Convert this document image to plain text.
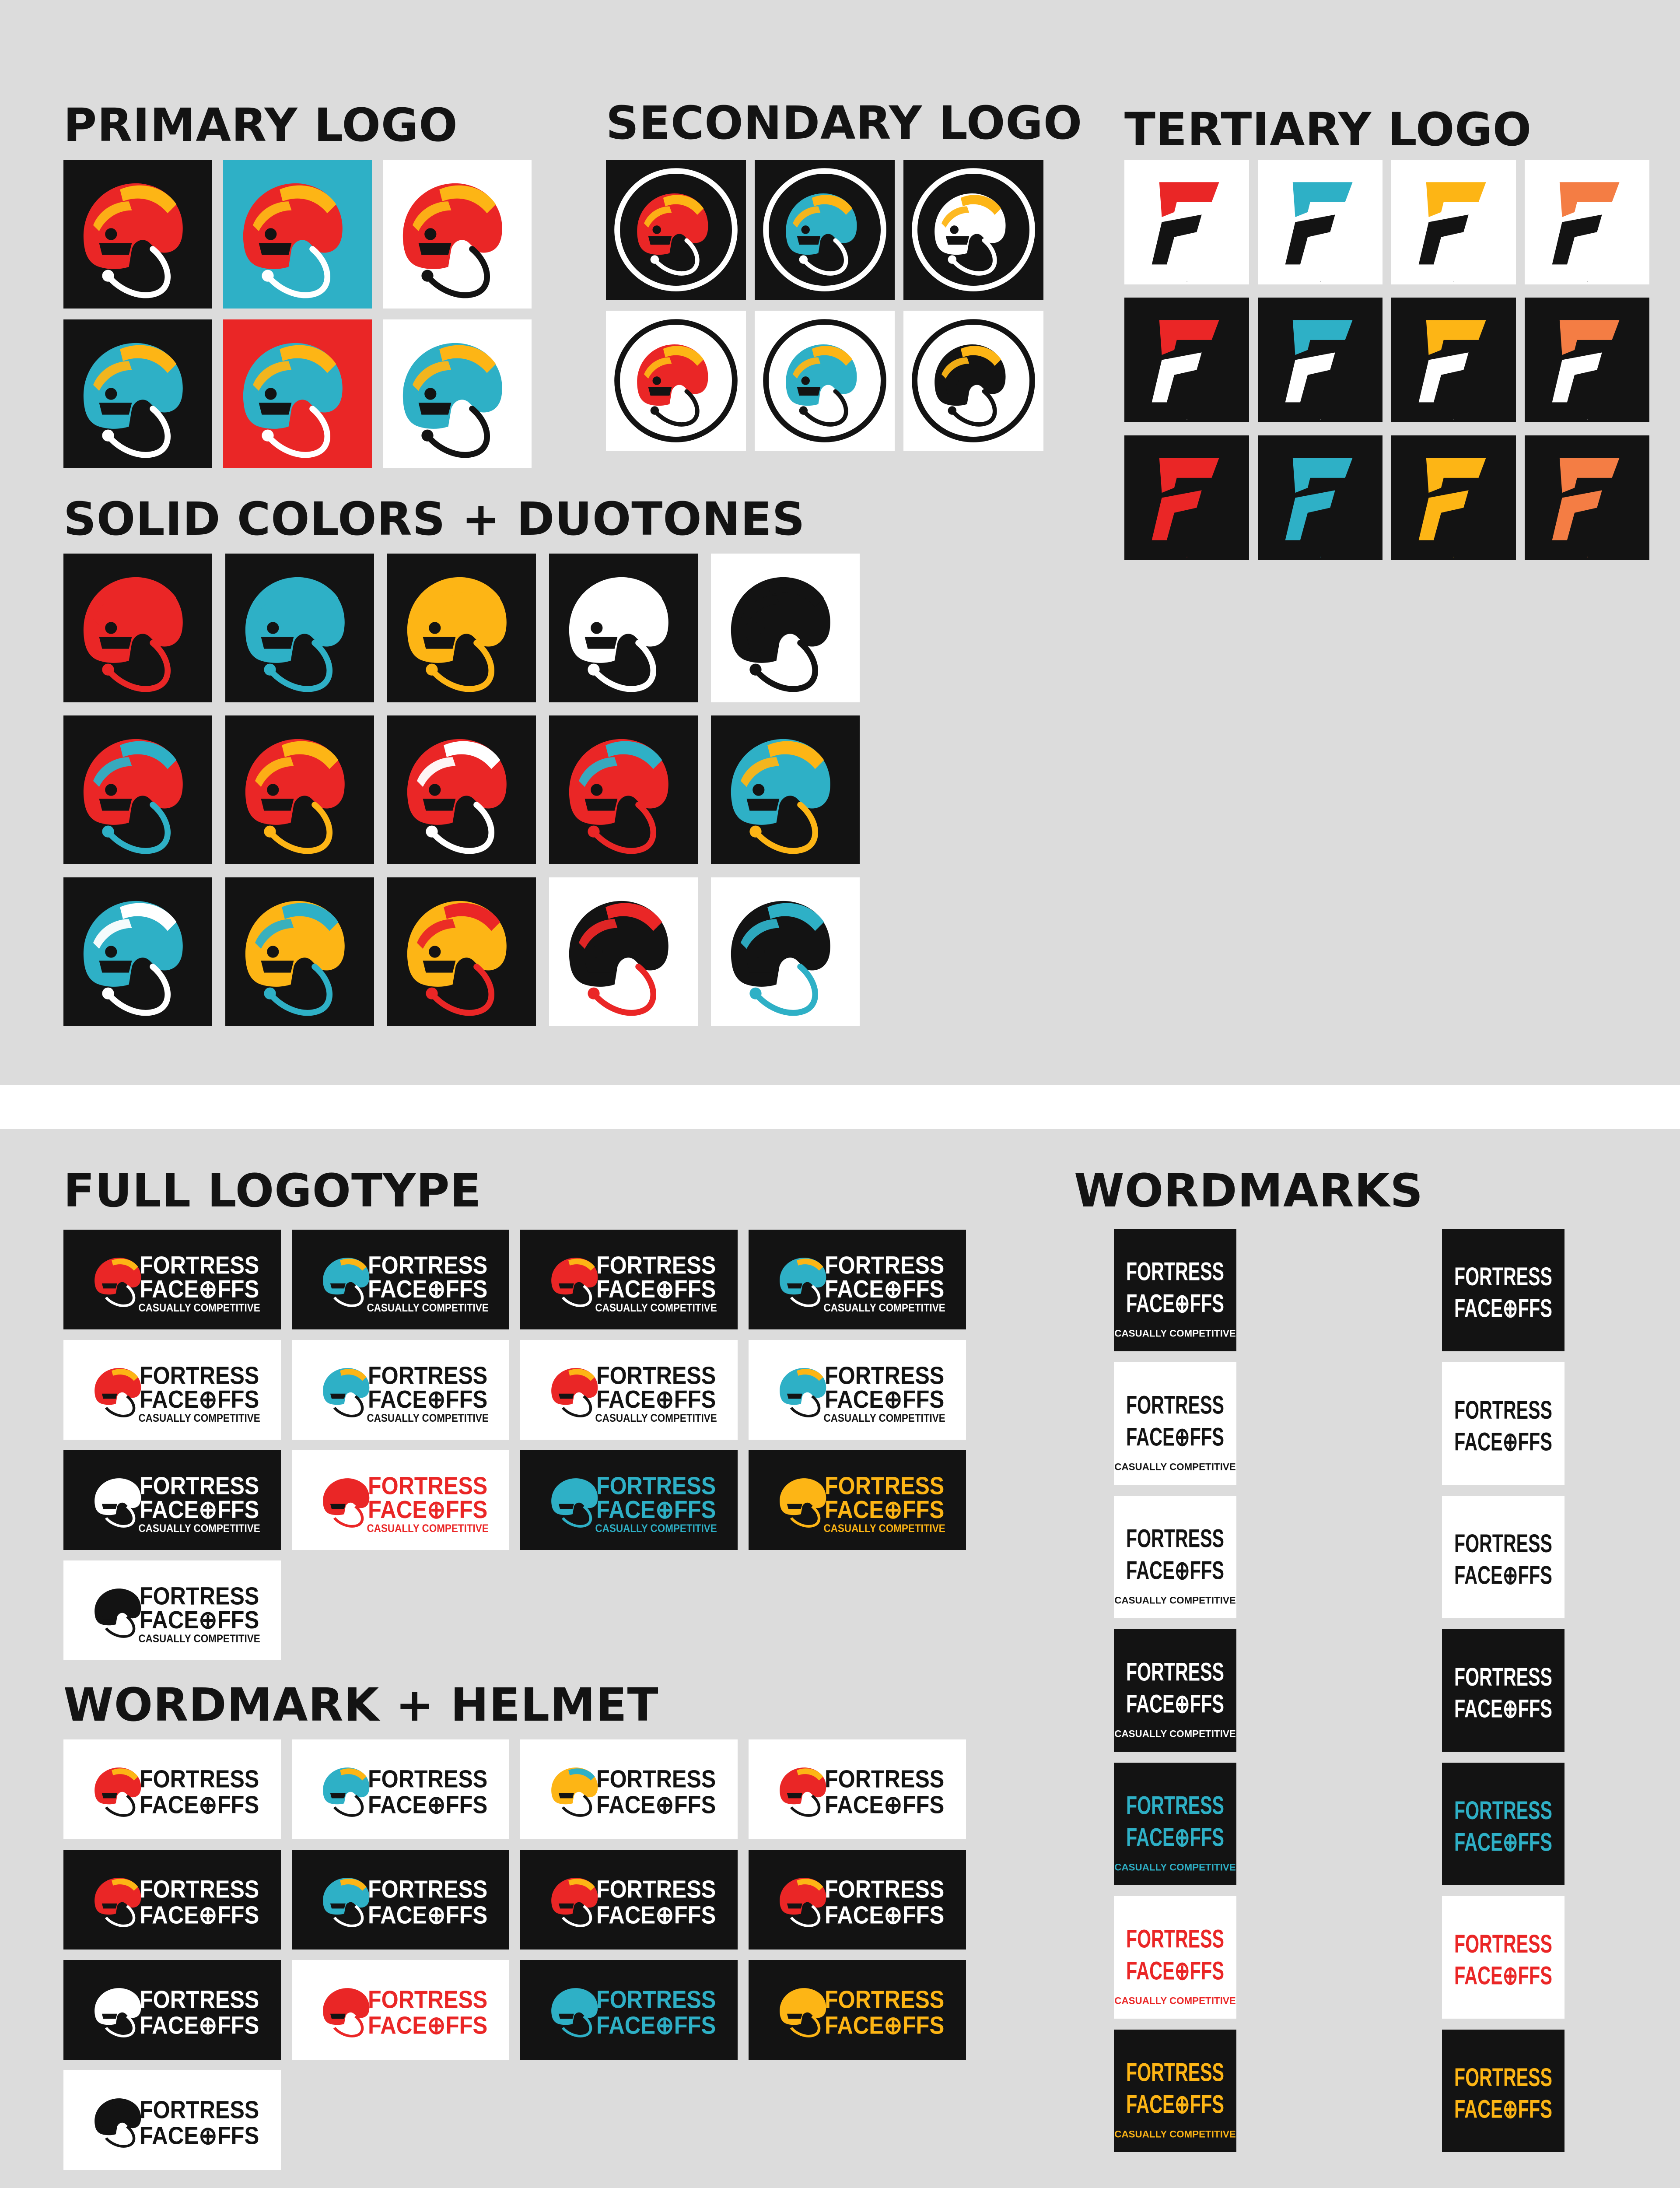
PRIMARY LOGO	SECONDARY LOGO TERTIARY LOGO
SOLID COLORS + DUOTONES
FULL LOGOTYPE	WORDMARKS
WORDMARK + HELMET
F	F	F	F
F	F	F	F
F	F	F	F
FORTRESS
FACE⊕FFS
CASUALLY COMPETITIVE
FORTRESS
FACE⊕FFS
CASUALLY COMPETITIVE
FORTRESS
FACE⊕FFS
CASUALLY COMPETITIVE
FORTRESS
FACE⊕FFS
CASUALLY COMPETITIVE
FORTRESS
FACE⊕FFS
CASUALLY COMPETITIVE
FORTRESS
FACE⊕FFS
CASUALLY COMPETITIVE
FORTRESS
FACE⊕FFS
CASUALLY COMPETITIVE
FORTRESS
FACE⊕FFS
CASUALLY COMPETITIVE
FORTRESS
FACE⊕FFS
CASUALLY COMPETITIVE
FORTRESS
FACE⊕FFS
CASUALLY COMPETITIVE
FORTRESS
FACE⊕FFS
CASUALLY COMPETITIVE
FORTRESS
FACE⊕FFS
CASUALLY COMPETITIVE
FORTRESS
FACE⊕FFS
CASUALLY COMPETITIVE
FORTRESS
FACE⊕FFS
FORTRESS
FACE⊕FFS
FORTRESS
FACE⊕FFS
FORTRESS
FACE⊕FFS
FORTRESS
FACE⊕FFS
FORTRESS
FACE⊕FFS
FORTRESS
FACE⊕FFS
FORTRESS
FACE⊕FFS
FORTRESS
FACE⊕FFS
FORTRESS
FACE⊕FFS
FORTRESS
FACE⊕FFS
FORTRESS
FACE⊕FFS
FORTRESS
FACE⊕FFS
FORTRESS
FACE⊕FFS
CASUALLY COMPETITIVE
FORTRESS
FACE⊕FFS
FORTRESS
FACE⊕FFS
CASUALLY COMPETITIVE
FORTRESS
FACE⊕FFS
FORTRESS
FACE⊕FFS
CASUALLY COMPETITIVE
FORTRESS
FACE⊕FFS
FORTRESS
FACE⊕FFS
CASUALLY COMPETITIVE
FORTRESS
FACE⊕FFS
FORTRESS
FACE⊕FFS
CASUALLY COMPETITIVE
FORTRESS
FACE⊕FFS
FORTRESS
FACE⊕FFS
CASUALLY COMPETITIVE
FORTRESS
FACE⊕FFS
FORTRESS
FACE⊕FFS
CASUALLY COMPETITIVE
FORTRESS
FACE⊕FFS
